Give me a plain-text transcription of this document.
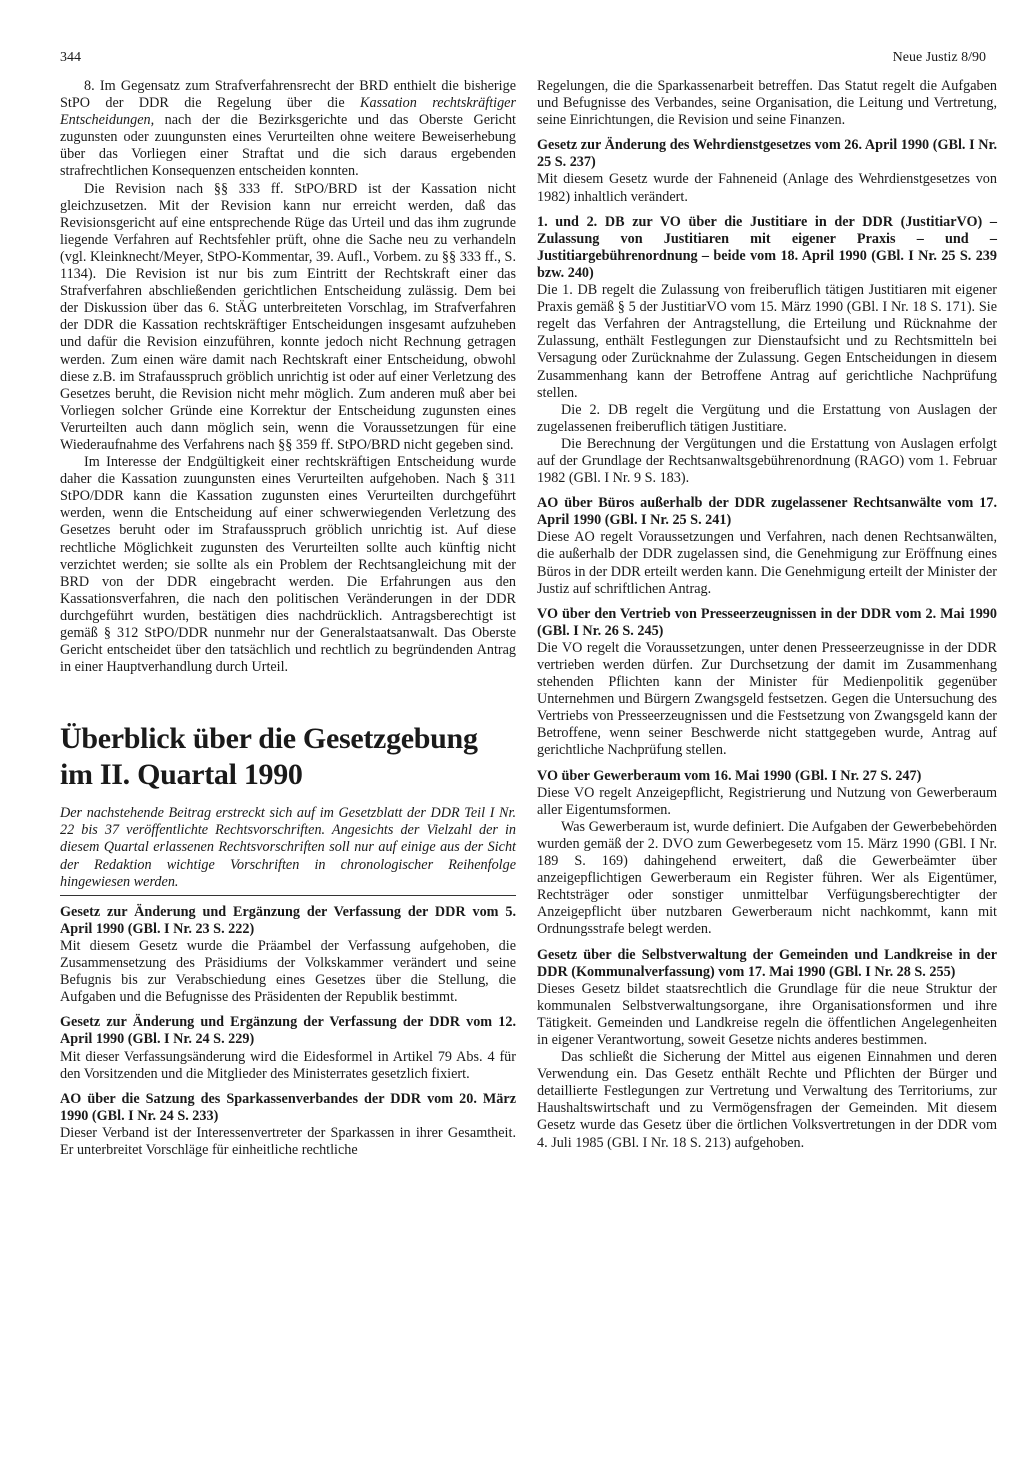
344	Neue Justiz 8/90

8. Im Gegensatz zum Strafverfahrensrecht der BRD enthielt die bisherige StPO der DDR die Regelung über die Kassation rechtskräftiger Entscheidungen, nach der die Bezirksgerichte und das Oberste Gericht zugunsten oder zuungunsten eines Verurteilten ohne weitere Beweiserhebung über das Vorliegen einer Straftat und die sich daraus ergebenden strafrechtlichen Konsequenzen entscheiden konnten.

Die Revision nach §§ 333 ff. StPO/BRD ist der Kassation nicht gleichzusetzen. Mit der Revision kann nur erreicht werden, daß das Revisionsgericht auf eine entsprechende Rüge das Urteil und das ihm zugrunde liegende Verfahren auf Rechtsfehler prüft, ohne die Sache neu zu verhandeln (vgl. Kleinknecht/Meyer, StPO-Kommentar, 39. Aufl., Vorbem. zu §§ 333 ff., S. 1134). Die Revision ist nur bis zum Eintritt der Rechtskraft einer das Strafverfahren abschließenden gerichtlichen Entscheidung zulässig. Dem bei der Diskussion über das 6. StÄG unterbreiteten Vorschlag, im Strafverfahren der DDR die Kassation rechtskräftiger Entscheidungen insgesamt aufzuheben und dafür die Revision einzuführen, konnte jedoch nicht Rechnung getragen werden. Zum einen wäre damit nach Rechtskraft einer Entscheidung, obwohl diese z.B. im Strafausspruch gröblich unrichtig ist oder auf einer Verletzung des Gesetzes beruht, die Revision nicht mehr möglich. Zum anderen muß aber bei Vorliegen solcher Gründe eine Korrektur der Entscheidung zugunsten eines Verurteilten auch dann möglich sein, wenn die Voraussetzungen für eine Wiederaufnahme des Verfahrens nach §§ 359 ff. StPO/BRD nicht gegeben sind.

Im Interesse der Endgültigkeit einer rechtskräftigen Entscheidung wurde daher die Kassation zuungunsten eines Verurteilten aufgehoben. Nach § 311 StPO/DDR kann die Kassation zugunsten eines Verurteilten durchgeführt werden, wenn die Entscheidung auf einer schwerwiegenden Verletzung des Gesetzes beruht oder im Strafausspruch gröblich unrichtig ist. Auf diese rechtliche Möglichkeit zugunsten des Verurteilten sollte auch künftig nicht verzichtet werden; sie sollte als ein Problem der Rechtsangleichung mit der BRD von der DDR eingebracht werden. Die Erfahrungen aus den Kassationsverfahren, die nach den politischen Veränderungen in der DDR durchgeführt wurden, bestätigen dies nachdrücklich. Antragsberechtigt ist gemäß § 312 StPO/DDR nunmehr nur der Generalstaatsanwalt. Das Oberste Gericht entscheidet über den tatsächlich und rechtlich zu begründenden Antrag in einer Hauptverhandlung durch Urteil.

Überblick über die Gesetzgebung im II. Quartal 1990

Der nachstehende Beitrag erstreckt sich auf im Gesetzblatt der DDR Teil I Nr. 22 bis 37 veröffentlichte Rechtsvorschriften. Angesichts der Vielzahl der in diesem Quartal erlassenen Rechtsvorschriften soll nur auf einige aus der Sicht der Redaktion wichtige Vorschriften in chronologischer Reihenfolge hingewiesen werden.

Gesetz zur Änderung und Ergänzung der Verfassung der DDR vom 5. April 1990 (GBl. I Nr. 23 S. 222)

Mit diesem Gesetz wurde die Präambel der Verfassung aufgehoben, die Zusammensetzung des Präsidiums der Volkskammer verändert und seine Befugnis bis zur Verabschiedung eines Gesetzes über die Stellung, die Aufgaben und die Befugnisse des Präsidenten der Republik bestimmt.

Gesetz zur Änderung und Ergänzung der Verfassung der DDR vom 12. April 1990 (GBl. I Nr. 24 S. 229)

Mit dieser Verfassungsänderung wird die Eidesformel in Artikel 79 Abs. 4 für den Vorsitzenden und die Mitglieder des Ministerrates gesetzlich fixiert.

AO über die Satzung des Sparkassenverbandes der DDR vom 20. März 1990 (GBl. I Nr. 24 S. 233)

Dieser Verband ist der Interessenvertreter der Sparkassen in ihrer Gesamtheit. Er unterbreitet Vorschläge für einheitliche rechtliche

Regelungen, die die Sparkassenarbeit betreffen. Das Statut regelt die Aufgaben und Befugnisse des Verbandes, seine Organisation, die Leitung und Vertretung, seine Einrichtungen, die Revision und seine Finanzen.

Gesetz zur Änderung des Wehrdienstgesetzes vom 26. April 1990 (GBl. I Nr. 25 S. 237)

Mit diesem Gesetz wurde der Fahneneid (Anlage des Wehrdienstgesetzes von 1982) inhaltlich verändert.

1. und 2. DB zur VO über die Justitiare in der DDR (JustitiarVO) – Zulassung von Justitiaren mit eigener Praxis – und – Justitiargebührenordnung – beide vom 18. April 1990 (GBl. I Nr. 25 S. 239 bzw. 240)

Die 1. DB regelt die Zulassung von freiberuflich tätigen Justitiaren mit eigener Praxis gemäß § 5 der JustitiarVO vom 15. März 1990 (GBl. I Nr. 18 S. 171). Sie regelt das Verfahren der Antragstellung, die Erteilung und Rücknahme der Zulassung, enthält Festlegungen zur Dienstaufsicht und zu Rechtsmitteln bei Versagung oder Zurücknahme der Zulassung. Gegen Entscheidungen in diesem Zusammenhang kann der Betroffene Antrag auf gerichtliche Nachprüfung stellen.

Die 2. DB regelt die Vergütung und die Erstattung von Auslagen der zugelassenen freiberuflich tätigen Justitiare.

Die Berechnung der Vergütungen und die Erstattung von Auslagen erfolgt auf der Grundlage der Rechtsanwaltsgebührenordnung (RAGO) vom 1. Februar 1982 (GBl. I Nr. 9 S. 183).

AO über Büros außerhalb der DDR zugelassener Rechtsanwälte vom 17. April 1990 (GBl. I Nr. 25 S. 241)

Diese AO regelt Voraussetzungen und Verfahren, nach denen Rechtsanwälten, die außerhalb der DDR zugelassen sind, die Genehmigung zur Eröffnung eines Büros in der DDR erteilt werden kann. Die Genehmigung erteilt der Minister der Justiz auf schriftlichen Antrag.

VO über den Vertrieb von Presseerzeugnissen in der DDR vom 2. Mai 1990 (GBl. I Nr. 26 S. 245)

Die VO regelt die Voraussetzungen, unter denen Presseerzeugnisse in der DDR vertrieben werden dürfen. Zur Durchsetzung der damit im Zusammenhang stehenden Pflichten kann der Minister für Medienpolitik gegenüber Unternehmen und Bürgern Zwangsgeld festsetzen. Gegen die Untersuchung des Vertriebs von Presseerzeugnissen und die Festsetzung von Zwangsgeld kann der Betroffene, wenn seiner Beschwerde nicht stattgegeben wurde, Antrag auf gerichtliche Nachprüfung stellen.

VO über Gewerberaum vom 16. Mai 1990 (GBl. I Nr. 27 S. 247)

Diese VO regelt Anzeigepflicht, Registrierung und Nutzung von Gewerberaum aller Eigentumsformen.

Was Gewerberaum ist, wurde definiert. Die Aufgaben der Gewerbebehörden wurden gemäß der 2. DVO zum Gewerbegesetz vom 15. März 1990 (GBl. I Nr. 189 S. 169) dahingehend erweitert, daß die Gewerbeämter über anzeigepflichtigen Gewerberaum ein Register führen. Wer als Eigentümer, Rechtsträger oder sonstiger unmittelbar Verfügungsberechtigter der Anzeigepflicht über nutzbaren Gewerberaum nicht nachkommt, kann mit Ordnungsstrafe belegt werden.

Gesetz über die Selbstverwaltung der Gemeinden und Landkreise in der DDR (Kommunalverfassung) vom 17. Mai 1990 (GBl. I Nr. 28 S. 255)

Dieses Gesetz bildet staatsrechtlich die Grundlage für die neue Struktur der kommunalen Selbstverwaltungsorgane, ihre Organisationsformen und ihre Tätigkeit. Gemeinden und Landkreise regeln die öffentlichen Angelegenheiten in eigener Verantwortung, soweit Gesetze nichts anderes bestimmen.

Das schließt die Sicherung der Mittel aus eigenen Einnahmen und deren Verwendung ein. Das Gesetz enthält Rechte und Pflichten der Bürger und detaillierte Festlegungen zur Vertretung und Verwaltung des Territoriums, zur Haushaltswirtschaft und zu Vermögensfragen der Gemeinden. Mit diesem Gesetz wurde das Gesetz über die örtlichen Volksvertretungen in der DDR vom 4. Juli 1985 (GBl. I Nr. 18 S. 213) aufgehoben.
